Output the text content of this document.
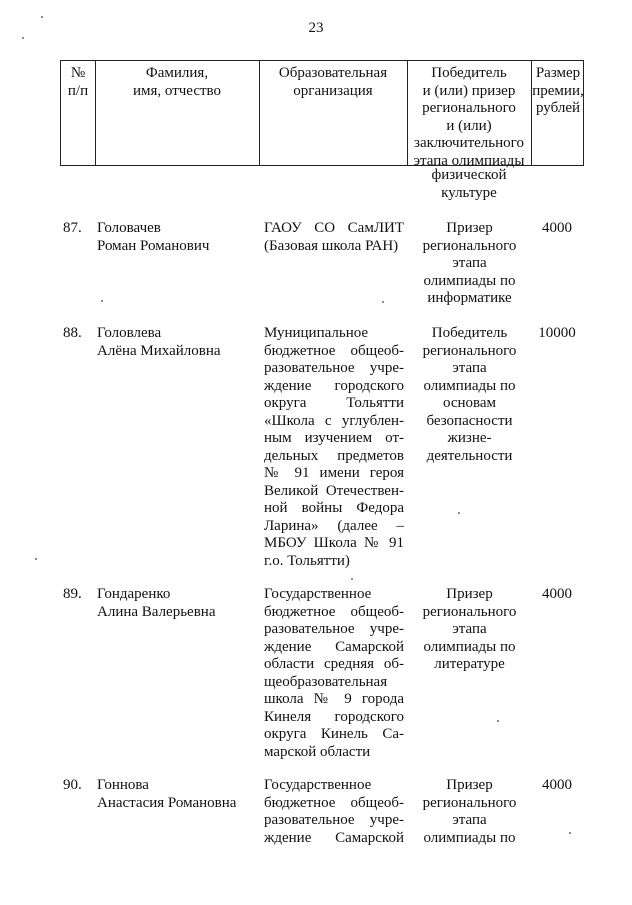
23
№
п/п
Фамилия,
имя, отчество
Образовательная
организация
Победитель
и (или) призер
регионального
и (или)
заключительного
этапа олимпиады
Размер
премии,
рублей
физической
культуре
87. Головачев
Роман Романович
ГАОУ СО СамЛИТ
(Базовая школа РАН)
Призер
регионального
этапа
олимпиады по
информатике
4000
88. Головлева
Алёна Михайловна
Муниципальное
бюджетное общеоб-
разовательное учре-
ждение городского
округа Тольятти
«Школа с углублен-
ным изучением от-
дельных предметов
№ 91 имени героя
Великой Отечествен-
ной войны Федора
Ларина» (далее –
МБОУ Школа № 91
г.о. Тольятти)
Победитель
регионального
этапа
олимпиады по
основам
безопасности
жизне-
деятельности
10000
89. Гондаренко
Алина Валерьевна
Государственное
бюджетное общеоб-
разовательное учре-
ждение Самарской
области средняя об-
щеобразовательная
школа № 9 города
Кинеля городского
округа Кинель Са-
марской области
Призер
регионального
этапа
олимпиады по
литературе
4000
90. Гоннова
Анастасия Романовна
Государственное
бюджетное общеоб-
разовательное учре-
ждение Самарской
Призер
регионального
этапа
олимпиады по
4000
